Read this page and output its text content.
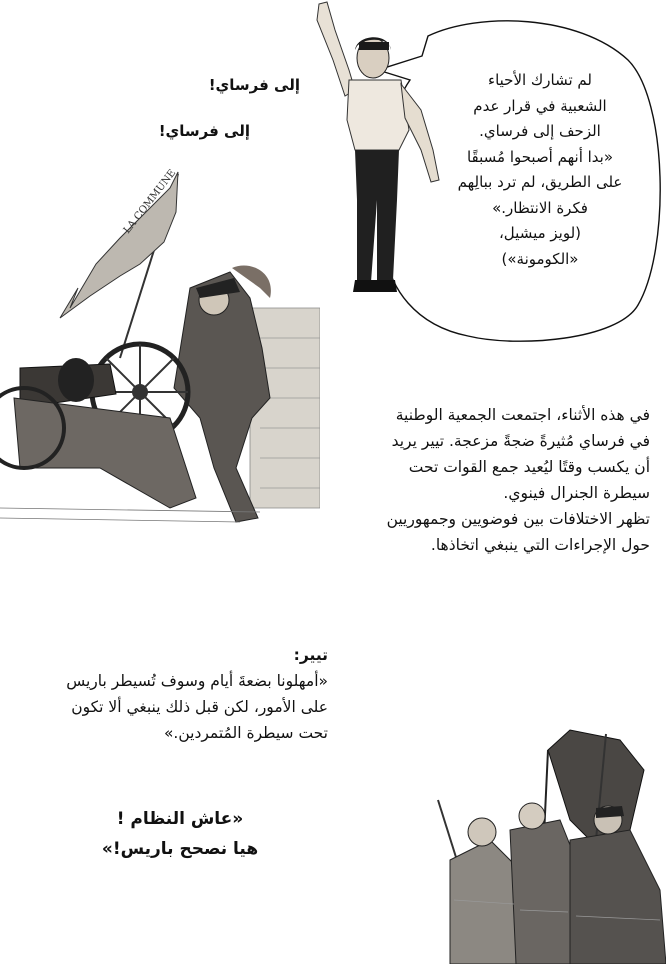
إلى فرساي!
إلى فرساي!
لم تشارك الأحياء
الشعبية في قرار عدم
الزحف إلى فرساي.
«بدا أنهم أصبحوا مُسبقًا
على الطريق، لم ترد ببالِهم
فكرة الانتظار.»
(لويز ميشيل،
«الكومونة»)
LA COMMUNE
في هذه الأثناء، اجتمعت الجمعية الوطنية
في فرساي مُثيرةً ضجةً مزعجة. تيير يريد
أن يكسب وقتًا ليُعيد جمع القوات تحت
سيطرة الجنرال فينوي.
تظهر الاختلافات بين فوضويين وجمهوريين
حول الإجراءات التي ينبغي اتخاذها.
تيير:
«أمهلونا بضعةَ أيام وسوف تُسيطر باريس
على الأمور، لكن قبل ذلك ينبغي ألا تكون
تحت سيطرة المُتمردين.»
«عاش النظام !
هيا نصحح باريس!»
